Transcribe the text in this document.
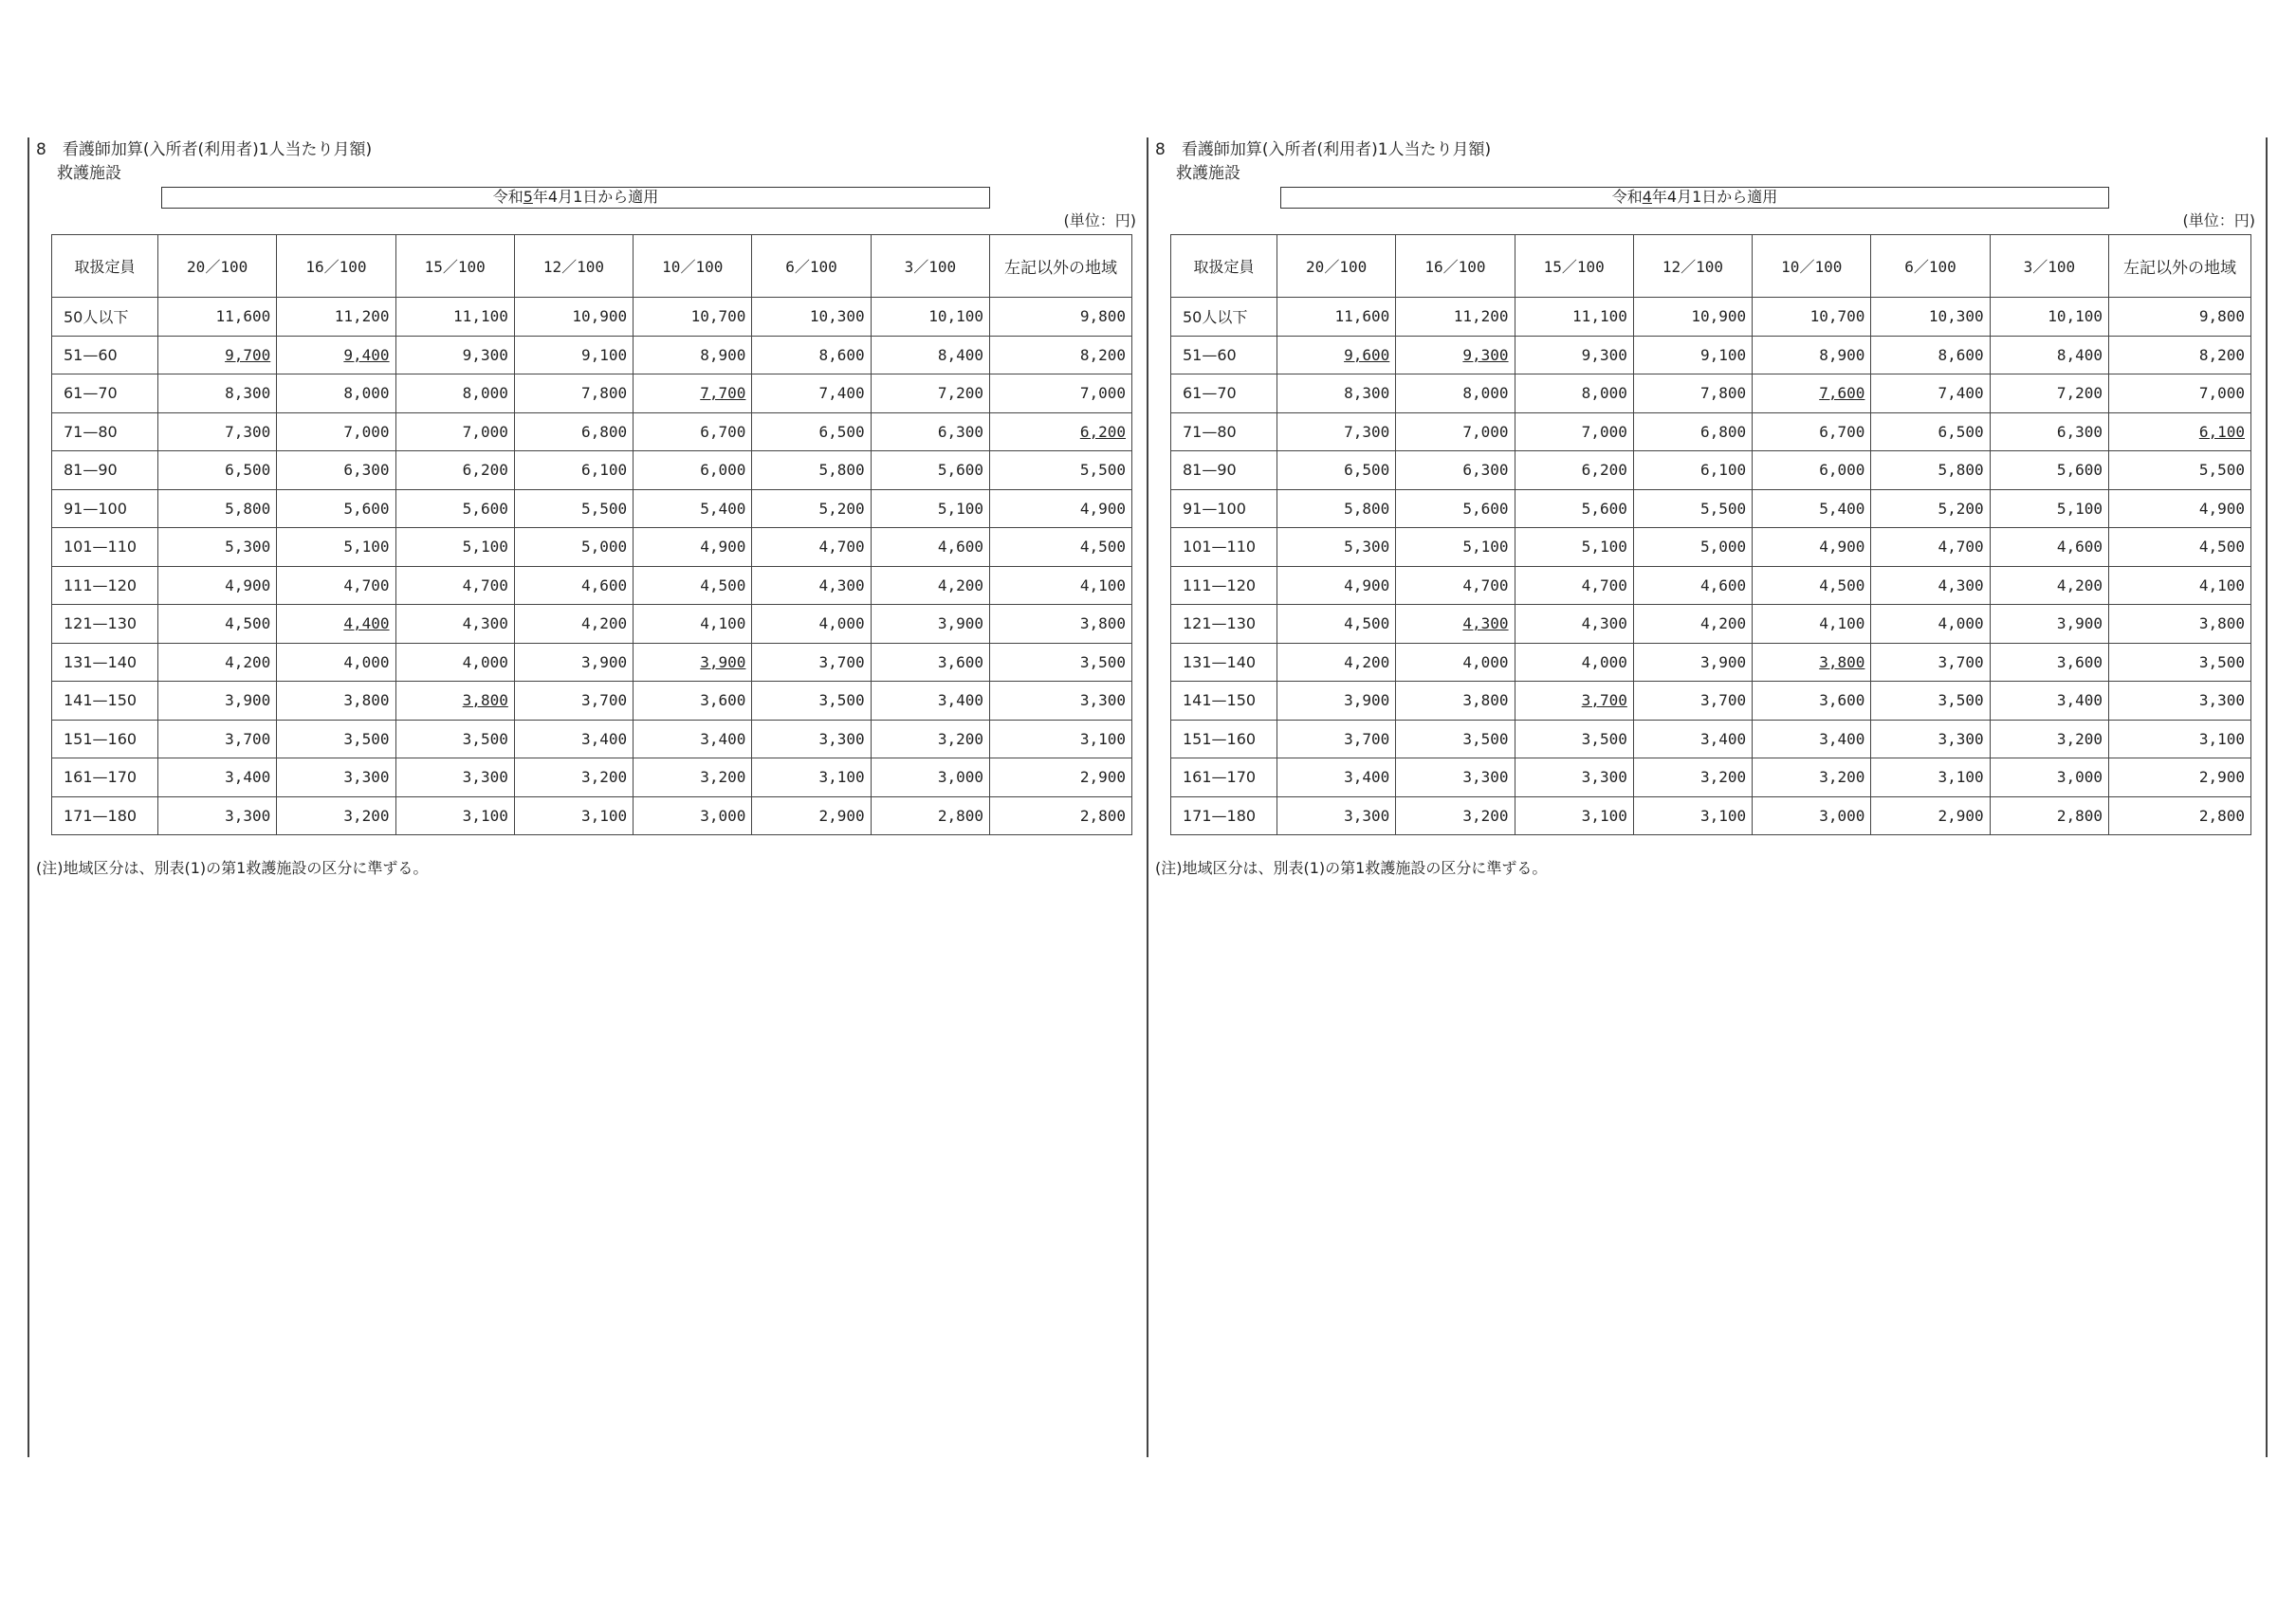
8　看護師加算(入所者(利用者)1人当たり月額)
救護施設
令和5年4月1日から適用
(単位：円)
取扱定員	20／100	16／100	15／100	12／100	10／100	6／100	3／100	左記以外の地域
50人以下	11,600	11,200	11,100	10,900	10,700	10,300	10,100	9,800
51—60	9,700	9,400	9,300	9,100	8,900	8,600	8,400	8,200
61—70	8,300	8,000	8,000	7,800	7,700	7,400	7,200	7,000
71—80	7,300	7,000	7,000	6,800	6,700	6,500	6,300	6,200
81—90	6,500	6,300	6,200	6,100	6,000	5,800	5,600	5,500
91—100	5,800	5,600	5,600	5,500	5,400	5,200	5,100	4,900
101—110	5,300	5,100	5,100	5,000	4,900	4,700	4,600	4,500
111—120	4,900	4,700	4,700	4,600	4,500	4,300	4,200	4,100
121—130	4,500	4,400	4,300	4,200	4,100	4,000	3,900	3,800
131—140	4,200	4,000	4,000	3,900	3,900	3,700	3,600	3,500
141—150	3,900	3,800	3,800	3,700	3,600	3,500	3,400	3,300
151—160	3,700	3,500	3,500	3,400	3,400	3,300	3,200	3,100
161—170	3,400	3,300	3,300	3,200	3,200	3,100	3,000	2,900
171—180	3,300	3,200	3,100	3,100	3,000	2,900	2,800	2,800
(注)地域区分は、別表(1)の第1救護施設の区分に準ずる。
8　看護師加算(入所者(利用者)1人当たり月額)
救護施設
令和4年4月1日から適用
(単位：円)
取扱定員	20／100	16／100	15／100	12／100	10／100	6／100	3／100	左記以外の地域
50人以下	11,600	11,200	11,100	10,900	10,700	10,300	10,100	9,800
51—60	9,600	9,300	9,300	9,100	8,900	8,600	8,400	8,200
61—70	8,300	8,000	8,000	7,800	7,600	7,400	7,200	7,000
71—80	7,300	7,000	7,000	6,800	6,700	6,500	6,300	6,100
81—90	6,500	6,300	6,200	6,100	6,000	5,800	5,600	5,500
91—100	5,800	5,600	5,600	5,500	5,400	5,200	5,100	4,900
101—110	5,300	5,100	5,100	5,000	4,900	4,700	4,600	4,500
111—120	4,900	4,700	4,700	4,600	4,500	4,300	4,200	4,100
121—130	4,500	4,300	4,300	4,200	4,100	4,000	3,900	3,800
131—140	4,200	4,000	4,000	3,900	3,800	3,700	3,600	3,500
141—150	3,900	3,800	3,700	3,700	3,600	3,500	3,400	3,300
151—160	3,700	3,500	3,500	3,400	3,400	3,300	3,200	3,100
161—170	3,400	3,300	3,300	3,200	3,200	3,100	3,000	2,900
171—180	3,300	3,200	3,100	3,100	3,000	2,900	2,800	2,800
(注)地域区分は、別表(1)の第1救護施設の区分に準ずる。
